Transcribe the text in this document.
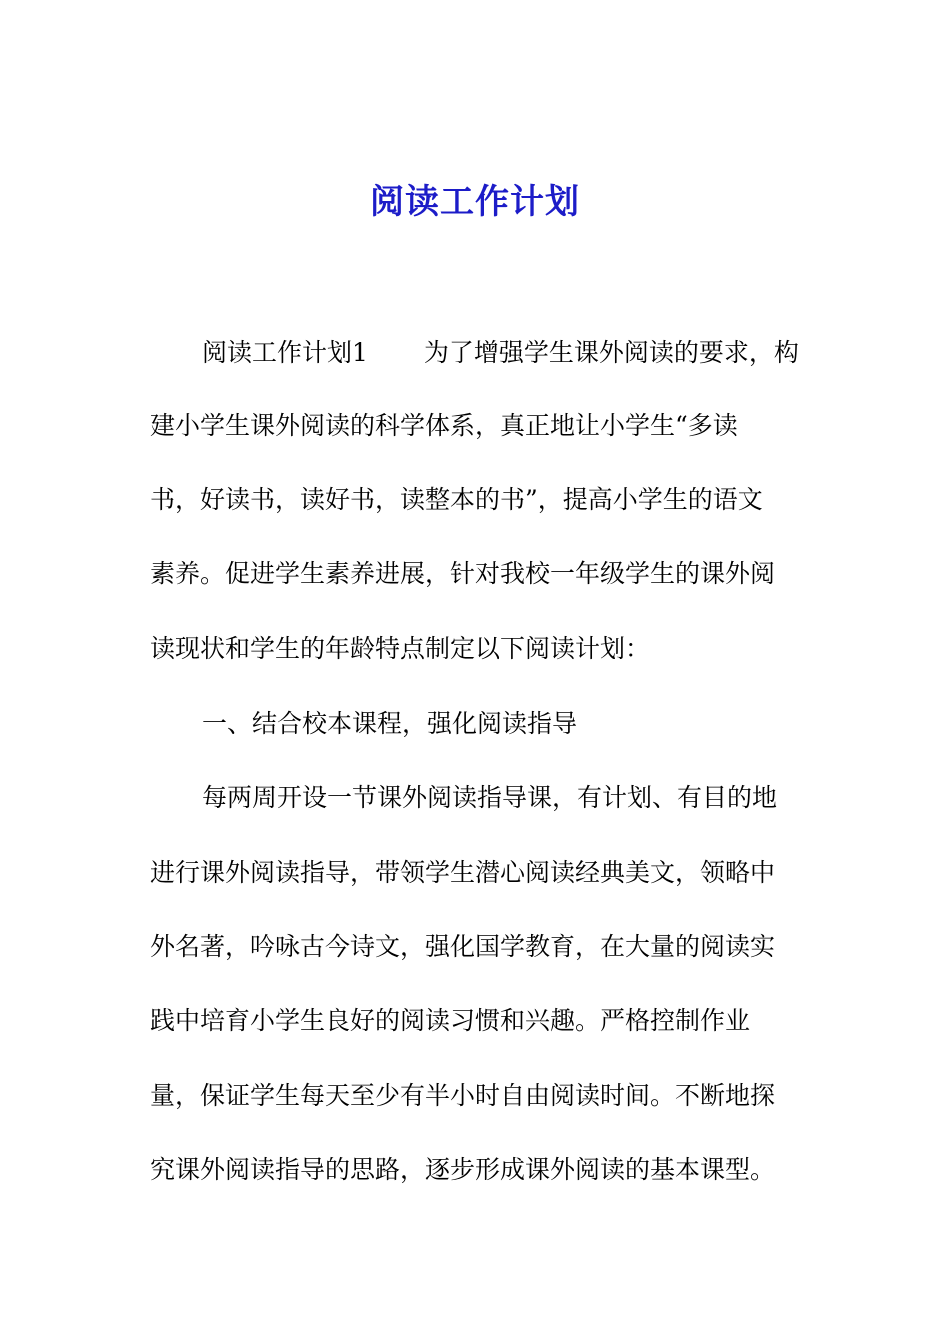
阅读工作计划
阅读工作计划1 为了增强学生课外阅读的要求，构
建小学生课外阅读的科学体系，真正地让小学生“多读
书，好读书，读好书，读整本的书”，提高小学生的语文
素养。促进学生素养进展，针对我校一年级学生的课外阅
读现状和学生的年龄特点制定以下阅读计划：
一、结合校本课程，强化阅读指导
每两周开设一节课外阅读指导课，有计划、有目的地
进行课外阅读指导，带领学生潜心阅读经典美文，领略中
外名著，吟咏古今诗文，强化国学教育，在大量的阅读实
践中培育小学生良好的阅读习惯和兴趣。严格控制作业
量，保证学生每天至少有半小时自由阅读时间。不断地探
究课外阅读指导的思路，逐步形成课外阅读的基本课型。
